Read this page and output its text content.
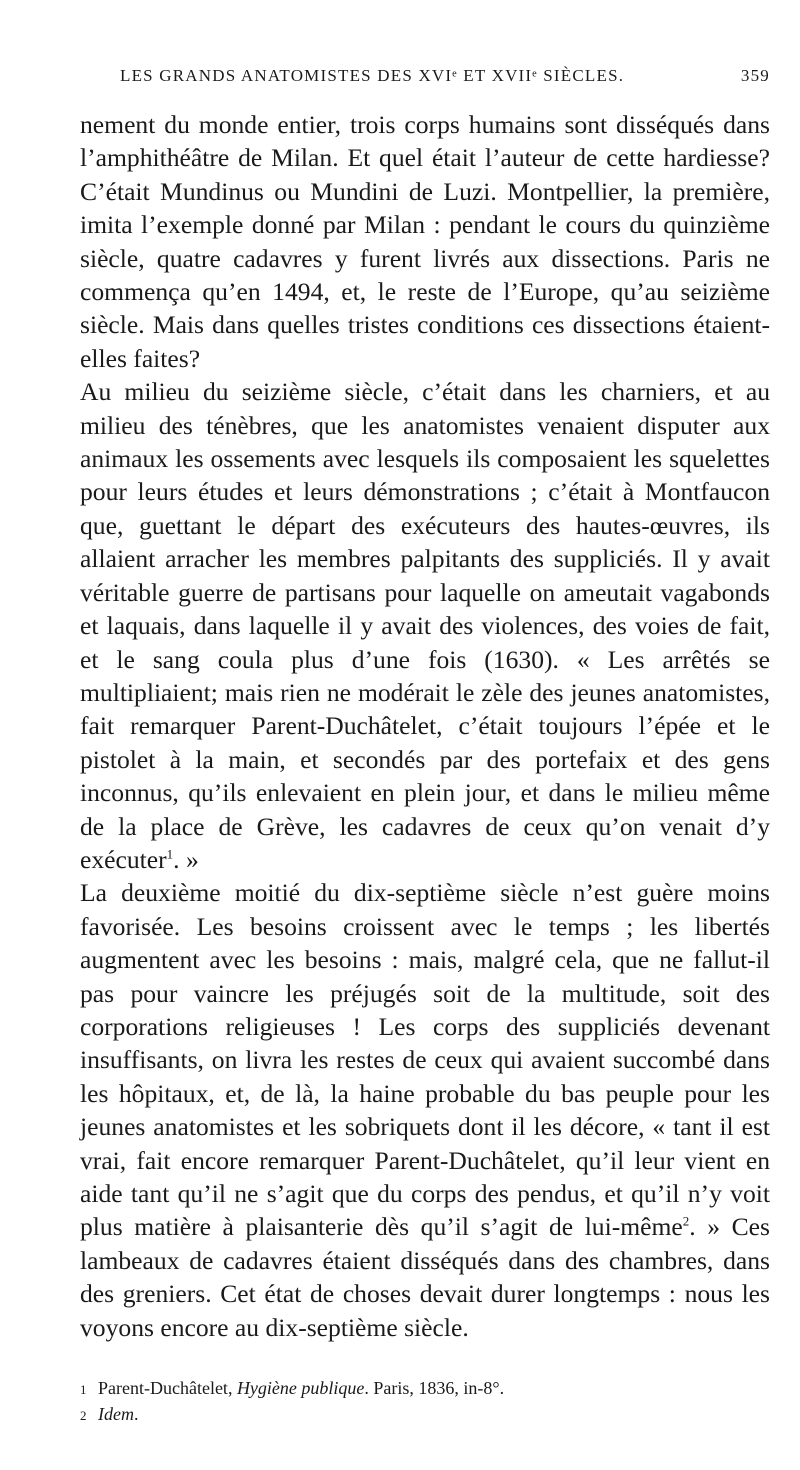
LES GRANDS ANATOMISTES DES XVIᵉ ET XVIIᵉ SIÈCLES.	359

nement du monde entier, trois corps humains sont disséqués dans l’amphithéâtre de Milan. Et quel était l’auteur de cette hardiesse? C’était Mundinus ou Mundini de Luzi. Montpellier, la première, imita l’exemple donné par Milan : pendant le cours du quinzième siècle, quatre cadavres y furent livrés aux dissections. Paris ne commença qu’en 1494, et, le reste de l’Europe, qu’au seizième siècle. Mais dans quelles tristes conditions ces dissections étaient-elles faites?

Au milieu du seizième siècle, c’était dans les charniers, et au milieu des ténèbres, que les anatomistes venaient disputer aux animaux les ossements avec lesquels ils composaient les squelettes pour leurs études et leurs démonstrations ; c’était à Montfaucon que, guettant le départ des exécuteurs des hautes-œuvres, ils allaient arracher les membres palpitants des suppliciés. Il y avait véritable guerre de partisans pour laquelle on ameutait vagabonds et laquais, dans laquelle il y avait des violences, des voies de fait, et le sang coula plus d’une fois (1630). « Les arrêtés se multipliaient; mais rien ne modérait le zèle des jeunes anatomistes, fait remarquer Parent-Duchâtelet, c’était toujours l’épée et le pistolet à la main, et secondés par des portefaix et des gens inconnus, qu’ils enlevaient en plein jour, et dans le milieu même de la place de Grève, les cadavres de ceux qu’on venait d’y exécuter$^1$. »

La deuxième moitié du dix-septième siècle n’est guère moins favorisée. Les besoins croissent avec le temps ; les libertés augmentent avec les besoins : mais, malgré cela, que ne fallut-il pas pour vaincre les préjugés soit de la multitude, soit des corporations religieuses ! Les corps des suppliciés devenant insuffisants, on livra les restes de ceux qui avaient succombé dans les hôpitaux, et, de là, la haine probable du bas peuple pour les jeunes anatomistes et les sobriquets dont il les décore, « tant il est vrai, fait encore remarquer Parent-Duchâtelet, qu’il leur vient en aide tant qu’il ne s’agit que du corps des pendus, et qu’il n’y voit plus matière à plaisanterie dès qu’il s’agit de lui-même$^2$. » Ces lambeaux de cadavres étaient disséqués dans des chambres, dans des greniers. Cet état de choses devait durer longtemps : nous les voyons encore au dix-septième siècle.

1 Parent-Duchâtelet, Hygiène publique. Paris, 1836, in-8°.
2 Idem.
